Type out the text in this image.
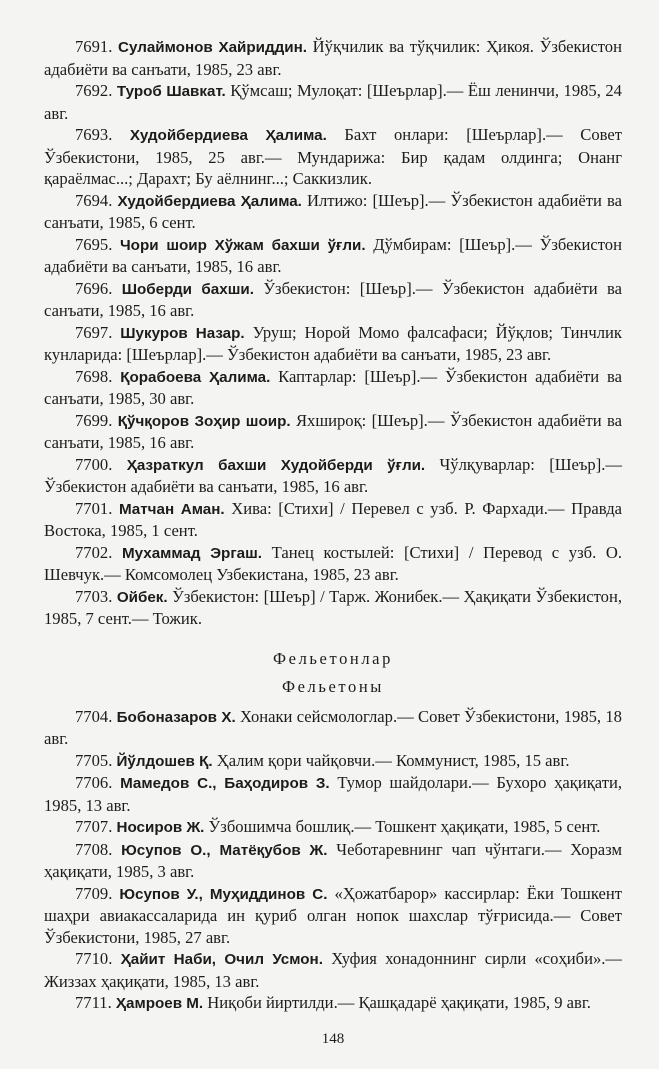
7691. Сулаймонов Хайриддин. Йўқчилик ва тўқчилик: Ҳикоя. Ўзбекистон адабиёти ва санъати, 1985, 23 авг.

7692. Туроб Шавкат. Қўмсаш; Мулоқат: [Шеърлар].— Ёш ленинчи, 1985, 24 авг.

7693. Худойбердиева Ҳалима. Бахт онлари: [Шеърлар].— Совет Ўзбекистони, 1985, 25 авг.— Мундарижа: Бир қадам олдинга; Онанг қараёлмас...; Дарахт; Бу аёлнинг...; Саккизлик.

7694. Худойбердиева Ҳалима. Илтижо: [Шеър].— Ўзбекистон адабиёти ва санъати, 1985, 6 сент.

7695. Чори шоир Хўжам бахши ўғли. Дўмбирам: [Шеър].— Ўзбекистон адабиёти ва санъати, 1985, 16 авг.

7696. Шоберди бахши. Ўзбекистон: [Шеър].— Ўзбекистон адабиёти ва санъати, 1985, 16 авг.

7697. Шукуров Назар. Уруш; Норой Момо фалсафаси; Йўқлов; Тинчлик кунларида: [Шеърлар].— Ўзбекистон адабиёти ва санъати, 1985, 23 авг.

7698. Қорабоева Ҳалима. Каптарлар: [Шеър].— Ўзбекистон адабиёти ва санъати, 1985, 30 авг.

7699. Қўчқоров Зоҳир шоир. Яхшироқ: [Шеър].— Ўзбекистон адабиёти ва санъати, 1985, 16 авг.

7700. Ҳазраткул бахши Худойберди ўғли. Чўлқуварлар: [Шеър].— Ўзбекистон адабиёти ва санъати, 1985, 16 авг.

7701. Матчан Аман. Хива: [Стихи] / Перевел с узб. Р. Фархади.— Правда Востока, 1985, 1 сент.

7702. Мухаммад Эргаш. Танец костылей: [Стихи] / Перевод с узб. О. Шевчук.— Комсомолец Узбекистана, 1985, 23 авг.

7703. Ойбек. Ўзбекистон: [Шеър] / Тарж. Жонибек.— Ҳақиқати Ўзбекистон, 1985, 7 сент.— Тожик.

Фельетонлар
Фельетоны

7704. Бобоназаров Х. Хонаки сейсмологлар.— Совет Ўзбекистони, 1985, 18 авг.

7705. Йўлдошев Қ. Ҳалим қори чайқовчи.— Коммунист, 1985, 15 авг.

7706. Мамедов С., Баҳодиров З. Тумор шайдолари.— Бухоро ҳақиқати, 1985, 13 авг.

7707. Носиров Ж. Ўзбошимча бошлиқ.— Тошкент ҳақиқати, 1985, 5 сент.

7708. Юсупов О., Матёқубов Ж. Чеботаревнинг чап чўнтаги.— Хоразм ҳақиқати, 1985, 3 авг.

7709. Юсупов У., Муҳиддинов С. «Ҳожатбарор» кассирлар: Ёки Тошкент шаҳри авиакассаларида ин қуриб олган нопок шахслар тўғрисида.— Совет Ўзбекистони, 1985, 27 авг.

7710. Ҳайит Наби, Очил Усмон. Хуфия хонадоннинг сирли «соҳиби».— Жиззах ҳақиқати, 1985, 13 авг.

7711. Ҳамроев М. Ниқоби йиртилди.— Қашқадарё ҳақиқати, 1985, 9 авг.

148
